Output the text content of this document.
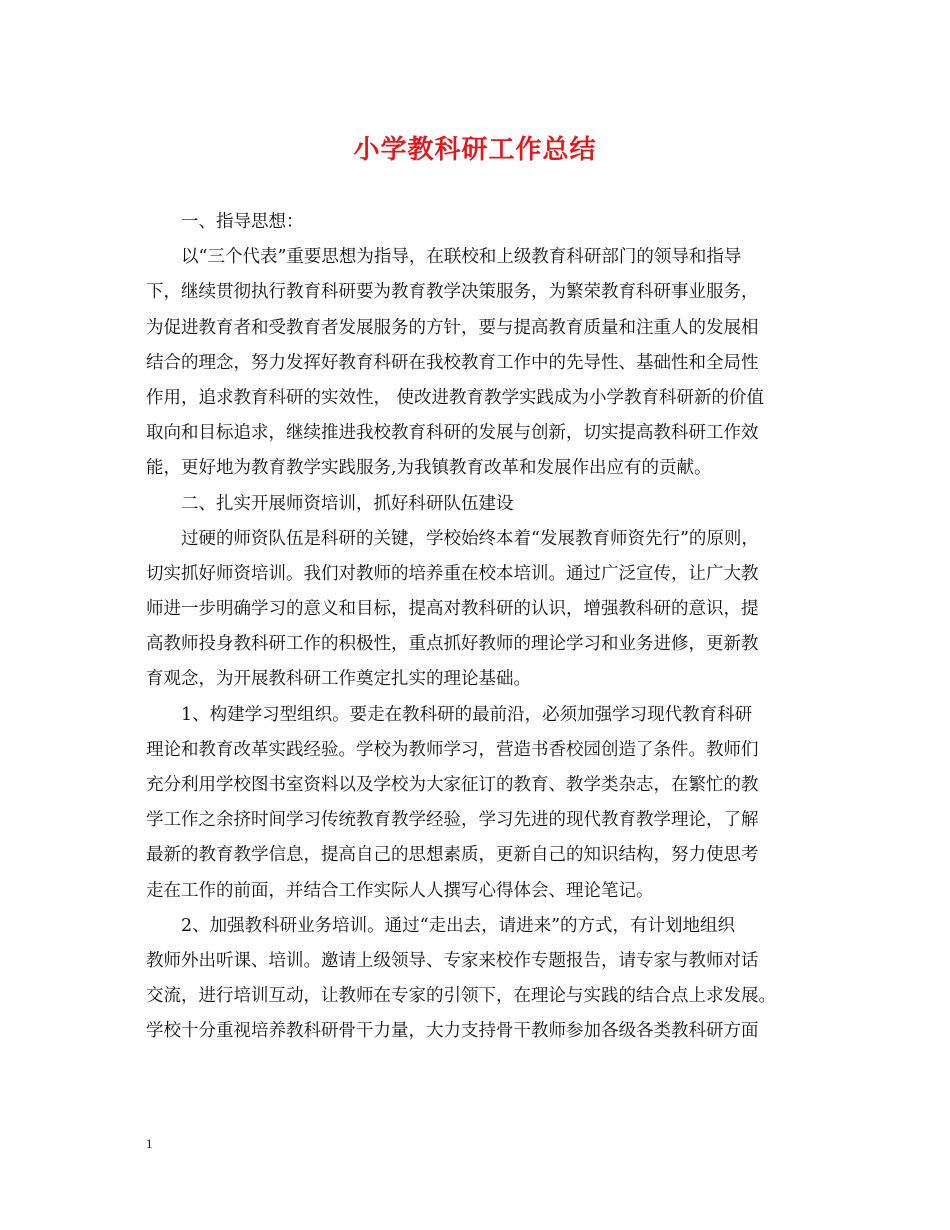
小学教科研工作总结
一、指导思想：
以“三个代表”重要思想为指导，在联校和上级教育科研部门的领导和指导
下，继续贯彻执行教育科研要为教育教学决策服务，为繁荣教育科研事业服务，
为促进教育者和受教育者发展服务的方针，要与提高教育质量和注重人的发展相
结合的理念，努力发挥好教育科研在我校教育工作中的先导性、基础性和全局性
作用，追求教育科研的实效性， 使改进教育教学实践成为小学教育科研新的价值
取向和目标追求，继续推进我校教育科研的发展与创新，切实提高教科研工作效
能，更好地为教育教学实践服务,为我镇教育改革和发展作出应有的贡献。
二、扎实开展师资培训，抓好科研队伍建设
过硬的师资队伍是科研的关键，学校始终本着“发展教育师资先行”的原则，
切实抓好师资培训。我们对教师的培养重在校本培训。通过广泛宣传，让广大教
师进一步明确学习的意义和目标，提高对教科研的认识，增强教科研的意识，提
高教师投身教科研工作的积极性，重点抓好教师的理论学习和业务进修，更新教
育观念，为开展教科研工作奠定扎实的理论基础。
1、构建学习型组织。要走在教科研的最前沿，必须加强学习现代教育科研
理论和教育改革实践经验。学校为教师学习，营造书香校园创造了条件。教师们
充分利用学校图书室资料以及学校为大家征订的教育、教学类杂志，在繁忙的教
学工作之余挤时间学习传统教育教学经验，学习先进的现代教育教学理论，了解
最新的教育教学信息，提高自己的思想素质，更新自己的知识结构，努力使思考
走在工作的前面，并结合工作实际人人撰写心得体会、理论笔记。
2、加强教科研业务培训。通过“走出去，请进来”的方式，有计划地组织
教师外出听课、培训。邀请上级领导、专家来校作专题报告，请专家与教师对话
交流，进行培训互动，让教师在专家的引领下，在理论与实践的结合点上求发展。
学校十分重视培养教科研骨干力量，大力支持骨干教师参加各级各类教科研方面
1
